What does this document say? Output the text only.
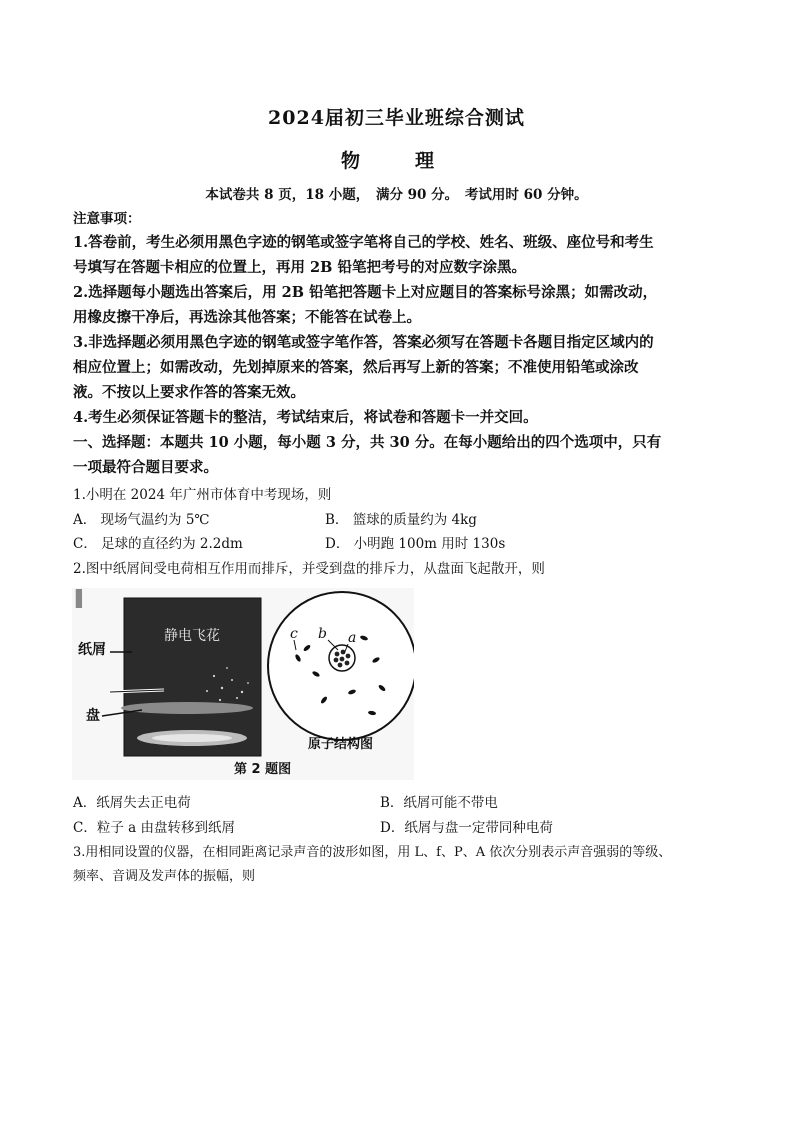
2024届初三毕业班综合测试
物　理
本试卷共 8 页，18 小题，　满分 90 分。　考试用时 60 分钟。
注意事项：
1.答卷前，考生必须用黑色字迹的钢笔或签字笔将自己的学校、姓名、班级、座位号和考生
号填写在答题卡相应的位置上，再用 2B 铅笔把考号的对应数字涂黑。
2.选择题每小题选出答案后，用 2B 铅笔把答题卡上对应题目的答案标号涂黑；如需改动，
用橡皮擦干净后，再选涂其他答案；不能答在试卷上。
3.非选择题必须用黑色字迹的钢笔或签字笔作答，答案必须写在答题卡各题目指定区域内的
相应位置上；如需改动，先划掉原来的答案，然后再写上新的答案；不准使用铅笔或涂改
液。不按以上要求作答的答案无效。
4.考生必须保证答题卡的整洁，考试结束后，将试卷和答题卡一并交回。
一、选择题：本题共 10 小题，每小题 3 分，共 30 分。在每小题给出的四个选项中，只有
一项最符合题目要求。
1.小明在 2024 年广州市体育中考现场，则
A． 现场气温约为 5℃	B． 篮球的质量约为 4kg
C． 足球的直径约为 2.2dm	D． 小明跑 100m 用时 130s
2.图中纸屑间受电荷相互作用而排斥，并受到盘的排斥力，从盘面飞起散开，则
静电飞花
纸屑
盘
▌
c b a
原子结构图
第 2 题图
A．纸屑失去正电荷	B．纸屑可能不带电
C．粒子 a 由盘转移到纸屑	D．纸屑与盘一定带同种电荷
3.用相同设置的仪器，在相同距离记录声音的波形如图，用 L、f、P、A 依次分别表示声音强弱的等级、
频率、音调及发声体的振幅，则
